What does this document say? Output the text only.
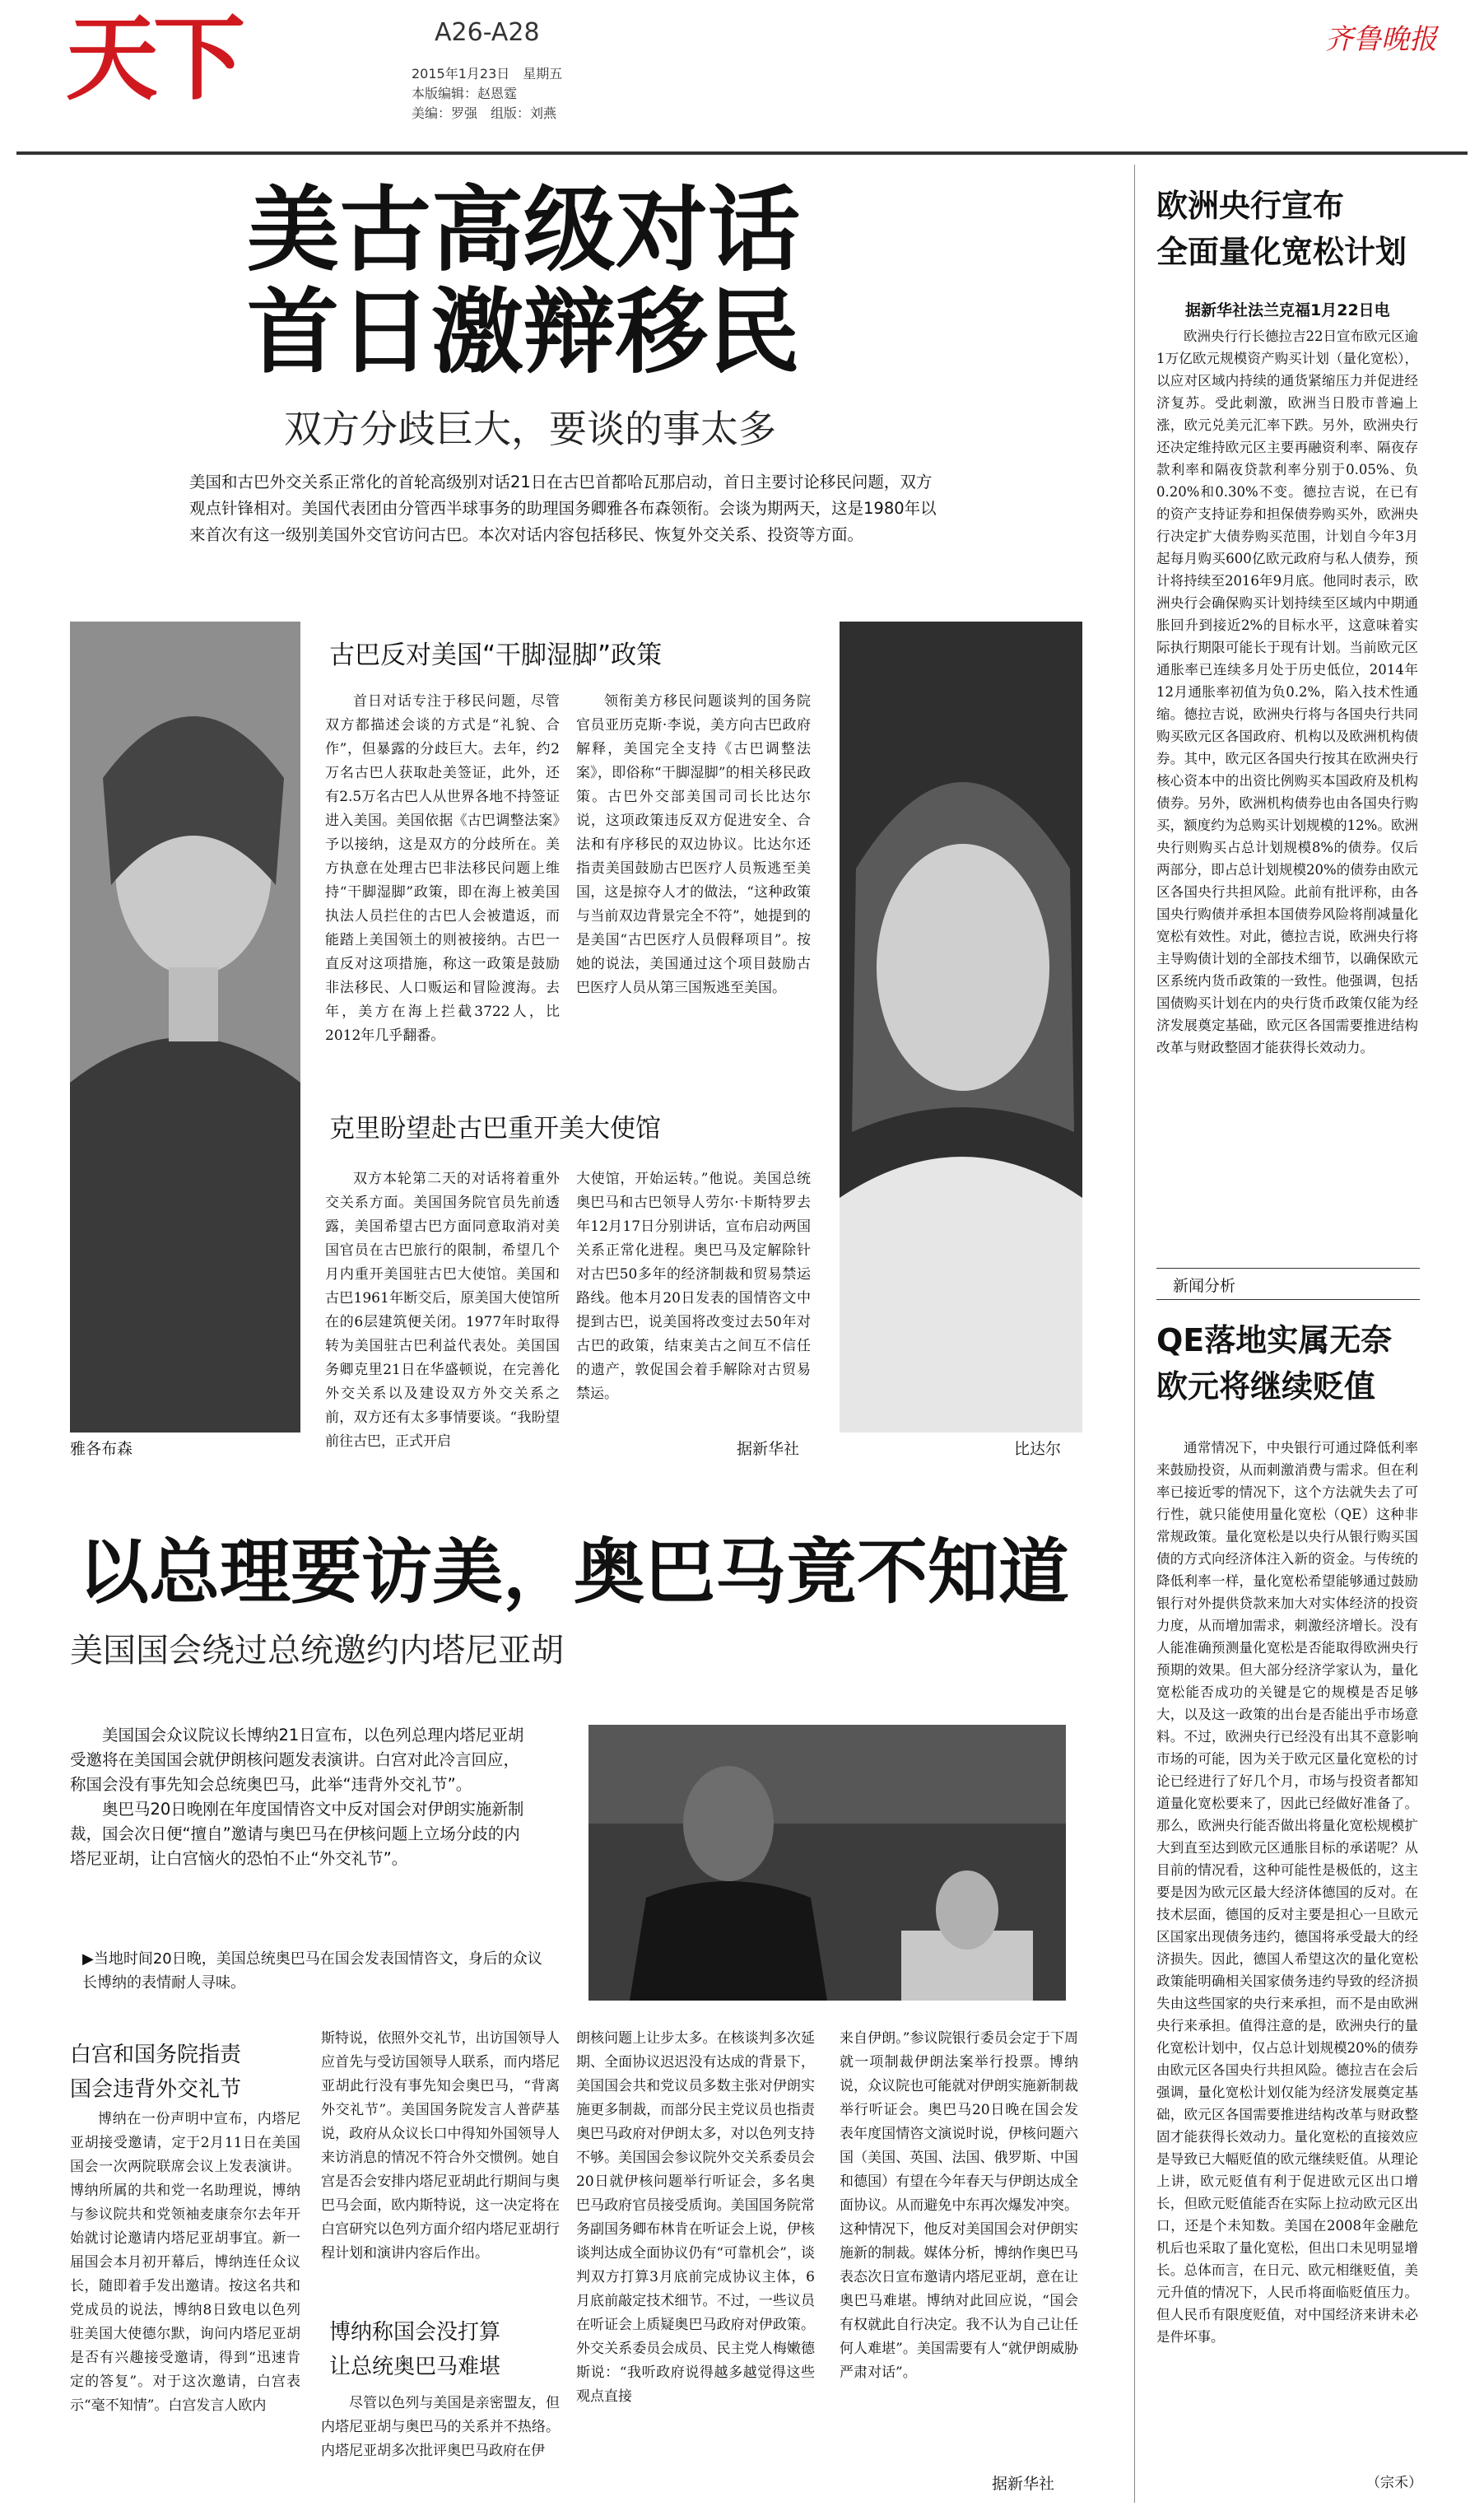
天下	A26-A28
2015年1月23日　星期五
本版编辑：赵恩霆
美编：罗强　组版：刘燕
齐鲁晚报
美古高级对话
首日激辩移民
双方分歧巨大，要谈的事太多
美国和古巴外交关系正常化的首轮高级别对话21日在古巴首都哈瓦那启动，首日主要讨论移民问题，双方观点针锋相对。美国代表团由分管西半球事务的助理国务卿雅各布森领衔。会谈为期两天，这是1980年以来首次有这一级别美国外交官访问古巴。本次对话内容包括移民、恢复外交关系、投资等方面。
雅各布森
古巴反对美国“干脚湿脚”政策

首日对话专注于移民问题，尽管双方都描述会谈的方式是“礼貌、合作”，但暴露的分歧巨大。去年，约2万名古巴人获取赴美签证，此外，还有2.5万名古巴人从世界各地不持签证进入美国。美国依据《古巴调整法案》予以接纳，这是双方的分歧所在。美方执意在处理古巴非法移民问题上维持“干脚湿脚”政策，即在海上被美国执法人员拦住的古巴人会被遣返，而能踏上美国领土的则被接纳。古巴一直反对这项措施，称这一政策是鼓励非法移民、人口贩运和冒险渡海。去年，美方在海上拦截3722人，比2012年几乎翻番。

领衔美方移民问题谈判的国务院官员亚历克斯·李说，美方向古巴政府解释，美国完全支持《古巴调整法案》，即俗称“干脚湿脚”的相关移民政策。古巴外交部美国司司长比达尔说，这项政策违反双方促进安全、合法和有序移民的双边协议。比达尔还指责美国鼓励古巴医疗人员叛逃至美国，这是掠夺人才的做法，“这种政策与当前双边背景完全不符”，她提到的是美国“古巴医疗人员假释项目”。按她的说法，美国通过这个项目鼓励古巴医疗人员从第三国叛逃至美国。

克里盼望赴古巴重开美大使馆

双方本轮第二天的对话将着重外交关系方面。美国国务院官员先前透露，美国希望古巴方面同意取消对美国官员在古巴旅行的限制，希望几个月内重开美国驻古巴大使馆。美国和古巴1961年断交后，原美国大使馆所在的6层建筑便关闭。1977年时取得转为美国驻古巴利益代表处。美国国务卿克里21日在华盛顿说，在完善化外交关系以及建设双方外交关系之前，双方还有太多事情要谈。“我盼望前往古巴，正式开启

大使馆，开始运转。”他说。美国总统奥巴马和古巴领导人劳尔·卡斯特罗去年12月17日分别讲话，宣布启动两国关系正常化进程。奥巴马及定解除针对古巴50多年的经济制裁和贸易禁运路线。他本月20日发表的国情咨文中提到古巴，说美国将改变过去50年对古巴的政策，结束美古之间互不信任的遗产，敦促国会着手解除对古贸易禁运。

据新华社	比达尔
以总理要访美，奥巴马竟不知道
美国国会绕过总统邀约内塔尼亚胡
美国国会众议院议长博纳21日宣布，以色列总理内塔尼亚胡受邀将在美国国会就伊朗核问题发表演讲。白宫对此冷言回应，称国会没有事先知会总统奥巴马，此举“违背外交礼节”。
奥巴马20日晚刚在年度国情咨文中反对国会对伊朗实施新制裁，国会次日便“擅自”邀请与奥巴马在伊核问题上立场分歧的内塔尼亚胡，让白宫恼火的恐怕不止“外交礼节”。
▶当地时间20日晚，美国总统奥巴马在国会发表国情咨文，身后的众议长博纳的表情耐人寻味。
白宫和国务院指责
国会违背外交礼节

博纳在一份声明中宣布，内塔尼亚胡接受邀请，定于2月11日在美国国会一次两院联席会议上发表演讲。博纳所属的共和党一名助理说，博纳与参议院共和党领袖麦康奈尔去年开始就讨论邀请内塔尼亚胡事宜。新一届国会本月初开幕后，博纳连任众议长，随即着手发出邀请。按这名共和党成员的说法，博纳8日致电以色列驻美国大使德尔默，询问内塔尼亚胡是否有兴趣接受邀请，得到“迅速肯定的答复”。对于这次邀请，白宫表示“毫不知情”。白宫发言人欧内

斯特说，依照外交礼节，出访国领导人应首先与受访国领导人联系，而内塔尼亚胡此行没有事先知会奥巴马，“背离外交礼节”。美国国务院发言人普萨基说，政府从众议长口中得知外国领导人来访消息的情况不符合外交惯例。她自宫是否会安排内塔尼亚胡此行期间与奥巴马会面，欧内斯特说，这一决定将在白宫研究以色列方面介绍内塔尼亚胡行程计划和演讲内容后作出。

博纳称国会没打算
让总统奥巴马难堪

尽管以色列与美国是亲密盟友，但内塔尼亚胡与奥巴马的关系并不热络。内塔尼亚胡多次批评奥巴马政府在伊

朗核问题上让步太多。在核谈判多次延期、全面协议迟迟没有达成的背景下，美国国会共和党议员多数主张对伊朗实施更多制裁，而部分民主党议员也指责奥巴马政府对伊朗太多，对以色列支持不够。美国国会参议院外交关系委员会20日就伊核问题举行听证会，多名奥巴马政府官员接受质询。美国国务院常务副国务卿布林肯在听证会上说，伊核谈判达成全面协议仍有“可靠机会”，谈判双方打算3月底前完成协议主体，6月底前敲定技术细节。不过，一些议员在听证会上质疑奥巴马政府对伊政策。外交关系委员会成员、民主党人梅嫩德斯说：“我听政府说得越多越觉得这些观点直接

来自伊朗。”参议院银行委员会定于下周就一项制裁伊朗法案举行投票。博纳说，众议院也可能就对伊朗实施新制裁举行听证会。奥巴马20日晚在国会发表年度国情咨文演说时说，伊核问题六国（美国、英国、法国、俄罗斯、中国和德国）有望在今年春天与伊朗达成全面协议。从而避免中东再次爆发冲突。这种情况下，他反对美国国会对伊朗实施新的制裁。媒体分析，博纳作奥巴马表态次日宣布邀请内塔尼亚胡，意在让奥巴马难堪。博纳对此回应说，“国会有权就此自行决定。我不认为自己让任何人难堪”。美国需要有人“就伊朗威胁严肃对话”。

据新华社
欧洲央行宣布
全面量化宽松计划
据新华社法兰克福1月22日电

欧洲央行行长德拉吉22日宣布欧元区逾1万亿欧元规模资产购买计划（量化宽松），以应对区域内持续的通货紧缩压力并促进经济复苏。受此刺激，欧洲当日股市普遍上涨，欧元兑美元汇率下跌。另外，欧洲央行还决定维持欧元区主要再融资利率、隔夜存款利率和隔夜贷款利率分别于0.05%、负0.20%和0.30%不变。德拉吉说，在已有的资产支持证券和担保债券购买外，欧洲央行决定扩大债券购买范围，计划自今年3月起每月购买600亿欧元政府与私人债券，预计将持续至2016年9月底。他同时表示，欧洲央行会确保购买计划持续至区域内中期通胀回升到接近2%的目标水平，这意味着实际执行期限可能长于现有计划。当前欧元区通胀率已连续多月处于历史低位，2014年12月通胀率初值为负0.2%，陷入技术性通缩。德拉吉说，欧洲央行将与各国央行共同购买欧元区各国政府、机构以及欧洲机构债券。其中，欧元区各国央行按其在欧洲央行核心资本中的出资比例购买本国政府及机构债券。另外，欧洲机构债券也由各国央行购买，额度约为总购买计划规模的12%。欧洲央行则购买占总计划规模8%的债券。仅后两部分，即占总计划规模20%的债券由欧元区各国央行共担风险。此前有批评称，由各国央行购债并承担本国债券风险将削减量化宽松有效性。对此，德拉吉说，欧洲央行将主导购债计划的全部技术细节，以确保欧元区系统内货币政策的一致性。他强调，包括国债购买计划在内的央行货币政策仅能为经济发展奠定基础，欧元区各国需要推进结构改革与财政整固才能获得长效动力。

新闻分析
QE落地实属无奈
欧元将继续贬值

通常情况下，中央银行可通过降低利率来鼓励投资，从而刺激消费与需求。但在利率已接近零的情况下，这个方法就失去了可行性，就只能使用量化宽松（QE）这种非常规政策。量化宽松是以央行从银行购买国债的方式向经济体注入新的资金。与传统的降低利率一样，量化宽松希望能够通过鼓励银行对外提供贷款来加大对实体经济的投资力度，从而增加需求，刺激经济增长。没有人能准确预测量化宽松是否能取得欧洲央行预期的效果。但大部分经济学家认为，量化宽松能否成功的关键是它的规模是否足够大，以及这一政策的出台是否能出乎市场意料。不过，欧洲央行已经没有出其不意影响市场的可能，因为关于欧元区量化宽松的讨论已经进行了好几个月，市场与投资者都知道量化宽松要来了，因此已经做好准备了。那么，欧洲央行能否做出将量化宽松规模扩大到直至达到欧元区通胀目标的承诺呢？从目前的情况看，这种可能性是极低的，这主要是因为欧元区最大经济体德国的反对。在技术层面，德国的反对主要是担心一旦欧元区国家出现债务违约，德国将承受最大的经济损失。因此，德国人希望这次的量化宽松政策能明确相关国家债务违约导致的经济损失由这些国家的央行来承担，而不是由欧洲央行来承担。值得注意的是，欧洲央行的量化宽松计划中，仅占总计划规模20%的债券由欧元区各国央行共担风险。德拉吉在会后强调，量化宽松计划仅能为经济发展奠定基础，欧元区各国需要推进结构改革与财政整固才能获得长效动力。量化宽松的直接效应是导致已大幅贬值的欧元继续贬值。从理论上讲，欧元贬值有利于促进欧元区出口增长，但欧元贬值能否在实际上拉动欧元区出口，还是个未知数。美国在2008年金融危机后也采取了量化宽松，但出口未见明显增长。总体而言，在日元、欧元相继贬值，美元升值的情况下，人民币将面临贬值压力。但人民币有限度贬值，对中国经济来讲未必是件坏事。

（宗禾）
